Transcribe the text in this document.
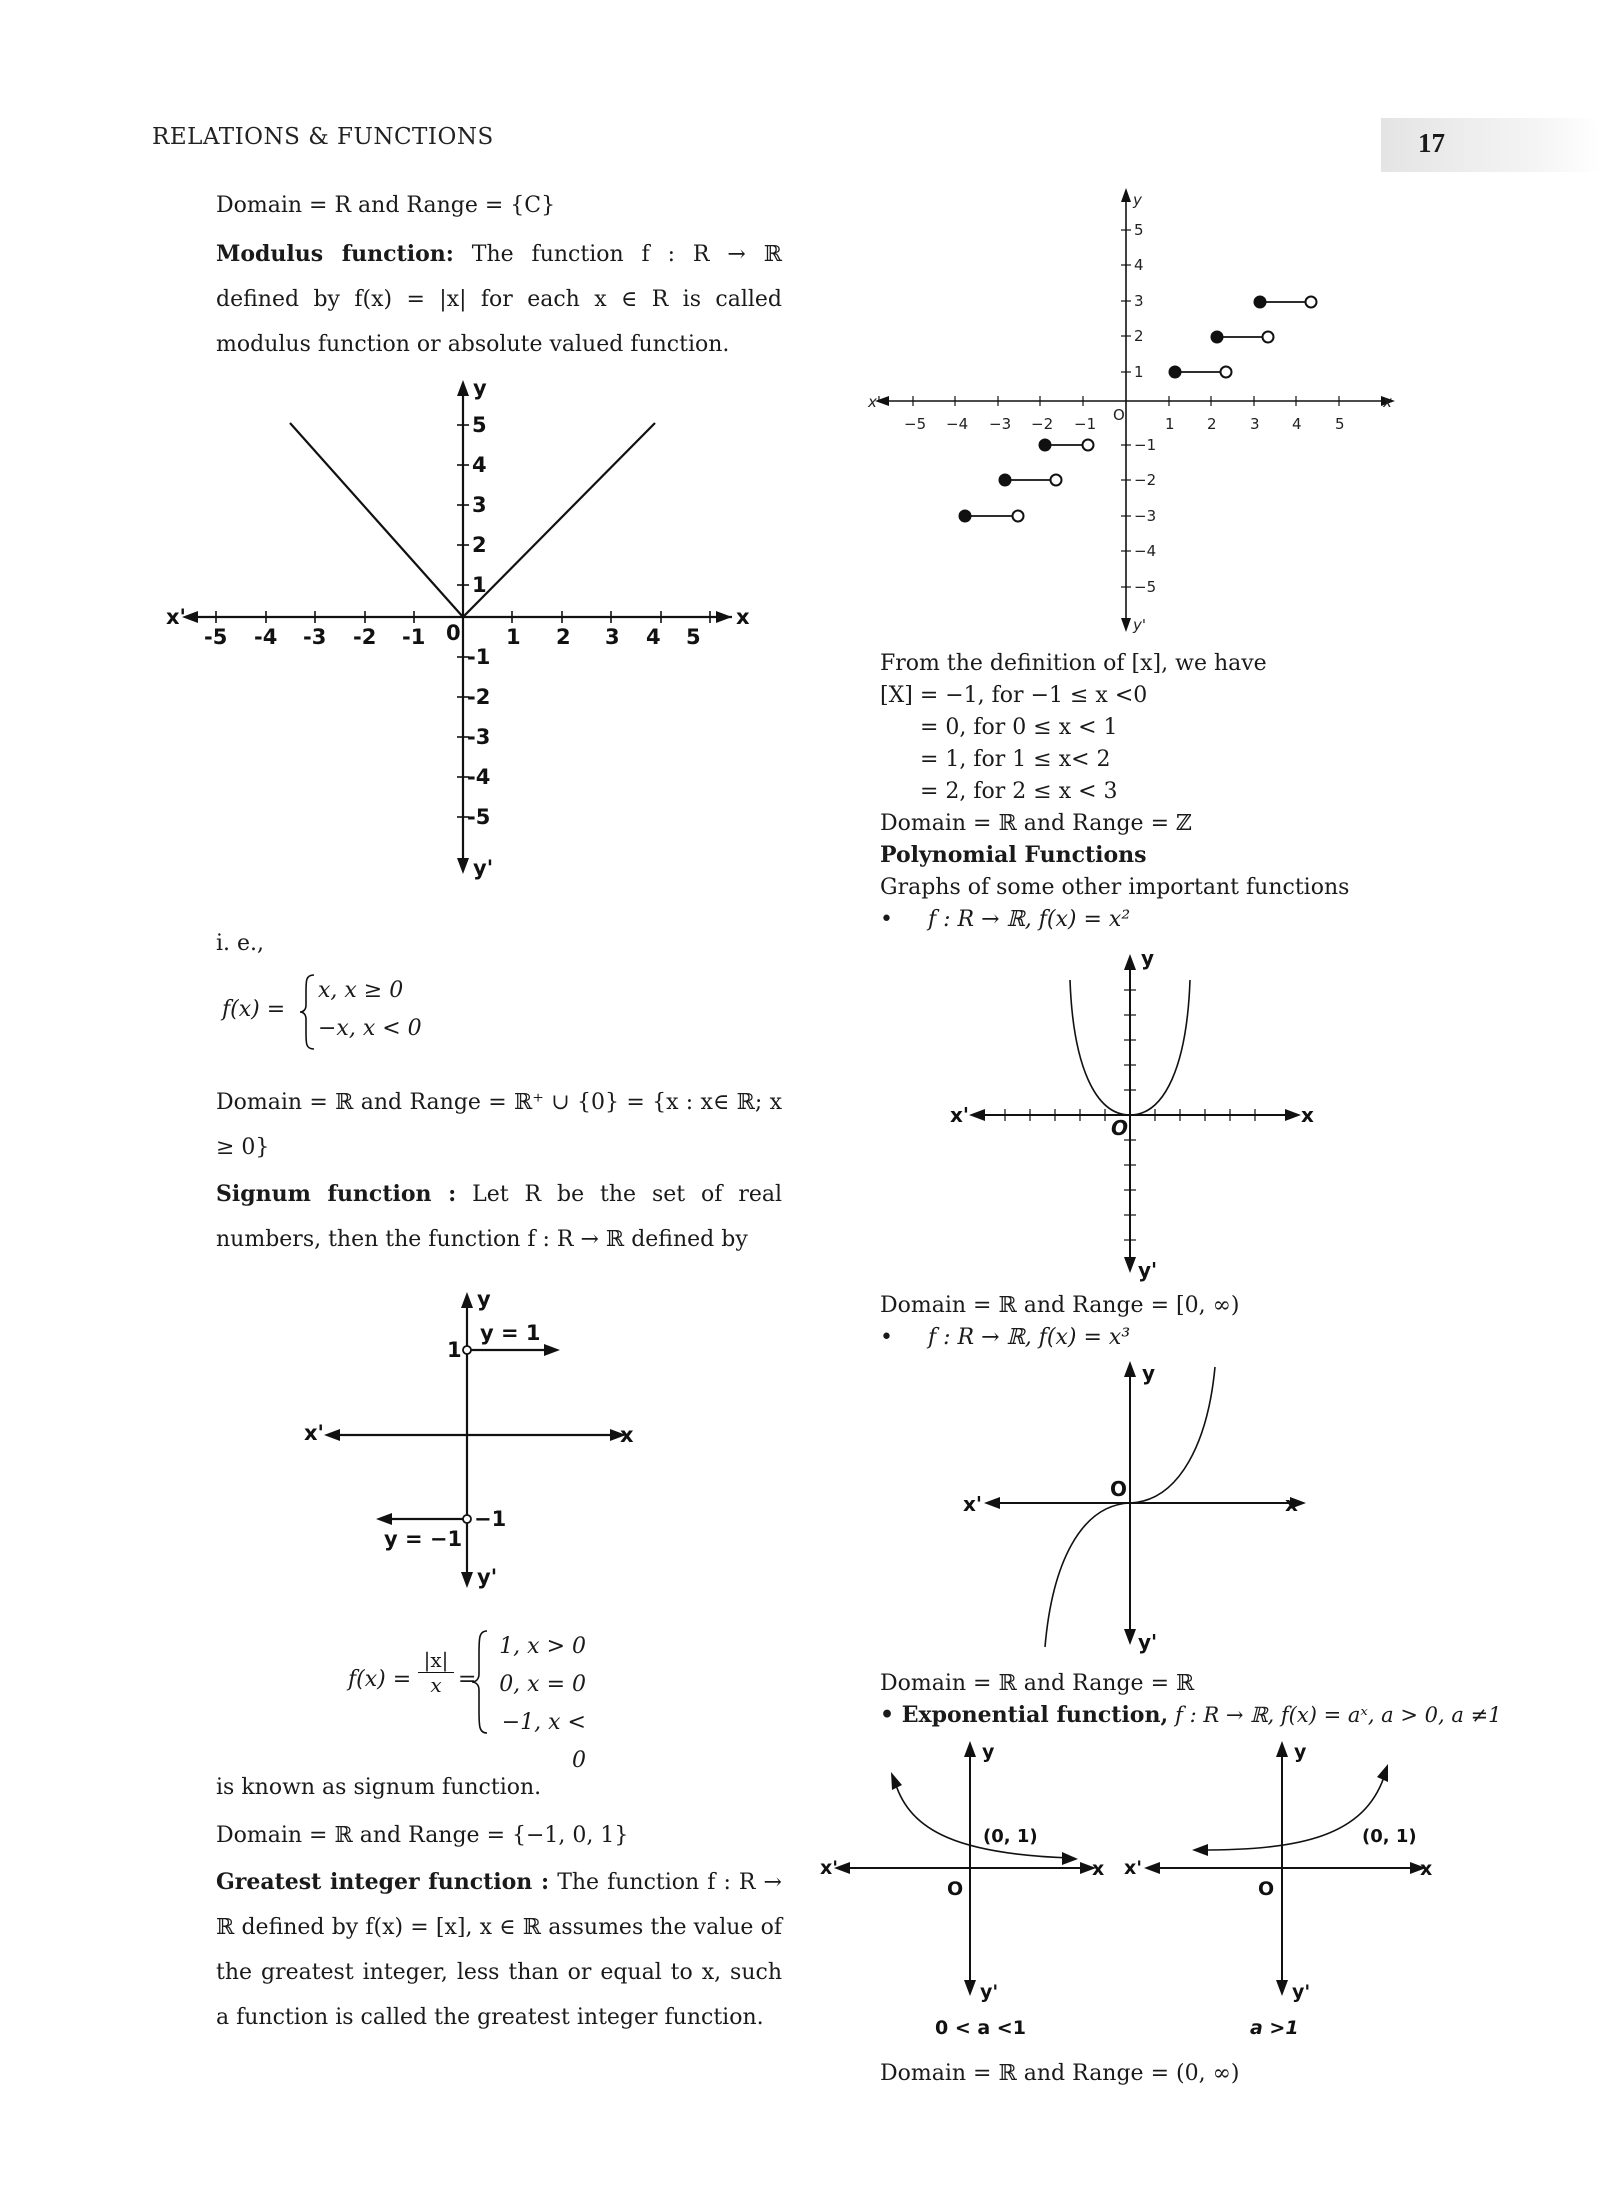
RELATIONS & FUNCTIONS	17
Domain = R and Range = {C}
Modulus function: The function f : R → ℝ defined by f(x) = |x| for each x ∈ R is called modulus function or absolute valued function.
x
x'
y
y'
0
-5 -4 -3 -2 -1	1 2 3 4 5
5
4
3
2
1
-1
-2
-3
-4
-5
i. e.,
f(x) =
x, x ≥ 0
−x, x < 0
Domain = ℝ and Range = ℝ⁺ ∪ {0} = {x : x∈ ℝ; x ≥ 0}
Signum function : Let R be the set of real numbers, then the function f : R → ℝ defined by
x
x'
y
y'
y = 1
1
−1
y = −1
$f(x) = \frac{|x|}{x}$ =
1, x > 0
0, x = 0
−1, x < 0
is known as signum function.
Domain = ℝ and Range = {−1, 0, 1}
Greatest integer function : The function f : R → ℝ defined by f(x) = [x], x ∈ ℝ assumes the value of the greatest integer, less than or equal to x, such a function is called the greatest integer function.
x
x'
y
y'
O
−5 −4 −3 −2 −1	1 2 3 4 5
5
4
3
2
1
−1
−2
−3
−4
−5
From the definition of [x], we have
[X] = −1, for −1 ≤ x <0
= 0, for 0 ≤ x < 1
= 1, for 1 ≤ x< 2
= 2, for 2 ≤ x < 3
Domain = ℝ and Range = ℤ
Polynomial Functions
Graphs of some other important functions
• f : R → ℝ, f(x) = x²
x
x'
y
y'
O
Domain = ℝ and Range = [0, ∞)
• f : R → ℝ, f(x) = x³
x
x'
y
y'
O
Domain = ℝ and Range = ℝ
• Exponential function, f : R → ℝ, f(x) = aˣ, a > 0, a ≠1
x
x'
y
y'
O
(0, 1)
0 < a <1
x
x'
y
y'
O
(0, 1)
a >1
Domain = ℝ and Range = (0, ∞)
